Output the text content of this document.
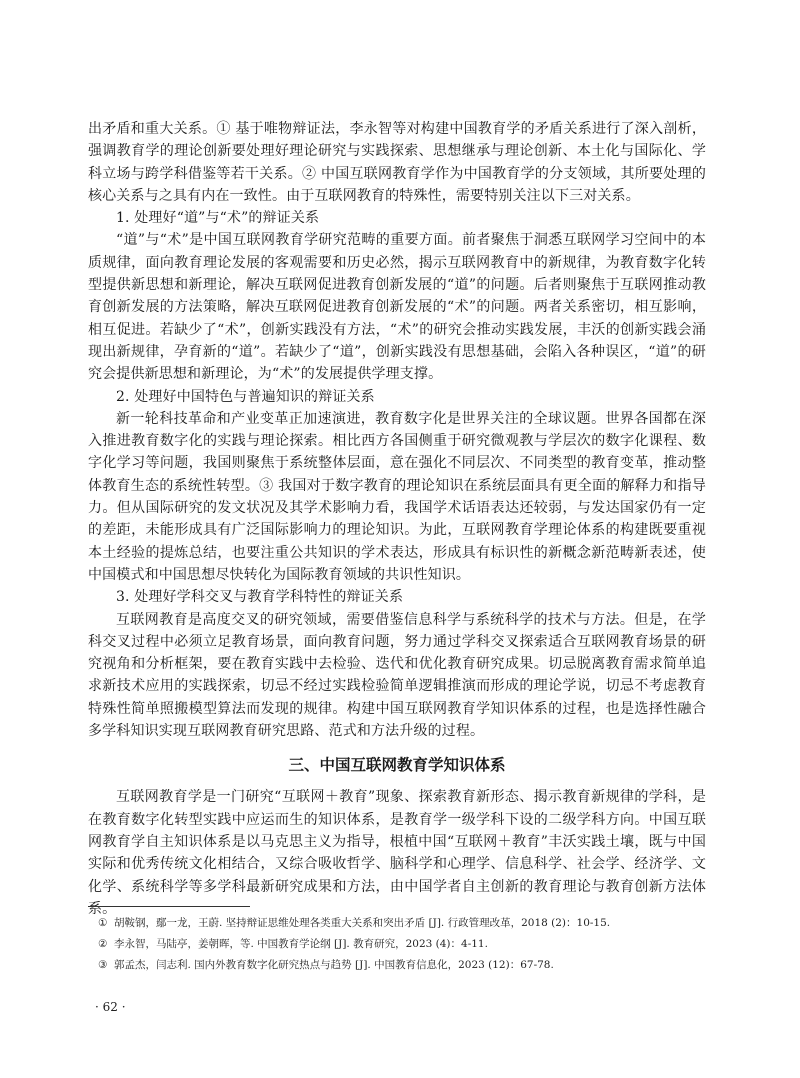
出矛盾和重大关系。① 基于唯物辩证法，李永智等对构建中国教育学的矛盾关系进行了深入剖析，强调教育学的理论创新要处理好理论研究与实践探索、思想继承与理论创新、本土化与国际化、学科立场与跨学科借鉴等若干关系。② 中国互联网教育学作为中国教育学的分支领域，其所要处理的核心关系与之具有内在一致性。由于互联网教育的特殊性，需要特别关注以下三对关系。

1. 处理好“道”与“术”的辩证关系

“道”与“术”是中国互联网教育学研究范畴的重要方面。前者聚焦于洞悉互联网学习空间中的本质规律，面向教育理论发展的客观需要和历史必然，揭示互联网教育中的新规律，为教育数字化转型提供新思想和新理论，解决互联网促进教育创新发展的“道”的问题。后者则聚焦于互联网推动教育创新发展的方法策略，解决互联网促进教育创新发展的“术”的问题。两者关系密切，相互影响，相互促进。若缺少了“术”，创新实践没有方法，“术”的研究会推动实践发展，丰沃的创新实践会涌现出新规律，孕育新的“道”。若缺少了“道”，创新实践没有思想基础，会陷入各种误区，“道”的研究会提供新思想和新理论，为“术”的发展提供学理支撑。

2. 处理好中国特色与普遍知识的辩证关系

新一轮科技革命和产业变革正加速演进，教育数字化是世界关注的全球议题。世界各国都在深入推进教育数字化的实践与理论探索。相比西方各国侧重于研究微观教与学层次的数字化课程、数字化学习等问题，我国则聚焦于系统整体层面，意在强化不同层次、不同类型的教育变革，推动整体教育生态的系统性转型。③ 我国对于数字教育的理论知识在系统层面具有更全面的解释力和指导力。但从国际研究的发文状况及其学术影响力看，我国学术话语表达还较弱，与发达国家仍有一定的差距，未能形成具有广泛国际影响力的理论知识。为此，互联网教育学理论体系的构建既要重视本土经验的提炼总结，也要注重公共知识的学术表达，形成具有标识性的新概念新范畴新表述，使中国模式和中国思想尽快转化为国际教育领域的共识性知识。

3. 处理好学科交叉与教育学科特性的辩证关系

互联网教育是高度交叉的研究领域，需要借鉴信息科学与系统科学的技术与方法。但是，在学科交叉过程中必须立足教育场景，面向教育问题，努力通过学科交叉探索适合互联网教育场景的研究视角和分析框架，要在教育实践中去检验、迭代和优化教育研究成果。切忌脱离教育需求简单追求新技术应用的实践探索，切忌不经过实践检验简单逻辑推演而形成的理论学说，切忌不考虑教育特殊性简单照搬模型算法而发现的规律。构建中国互联网教育学知识体系的过程，也是选择性融合多学科知识实现互联网教育研究思路、范式和方法升级的过程。

三、中国互联网教育学知识体系

互联网教育学是一门研究“互联网＋教育”现象、探索教育新形态、揭示教育新规律的学科，是在教育数字化转型实践中应运而生的知识体系，是教育学一级学科下设的二级学科方向。中国互联网教育学自主知识体系是以马克思主义为指导，根植中国“互联网＋教育”丰沃实践土壤，既与中国实际和优秀传统文化相结合，又综合吸收哲学、脑科学和心理学、信息科学、社会学、经济学、文化学、系统科学等多学科最新研究成果和方法，由中国学者自主创新的教育理论与教育创新方法体系。

① 胡鞍钢，鄢一龙，王蔚. 坚持辩证思维处理各类重大关系和突出矛盾 [J]. 行政管理改革，2018 (2)：10-15.
② 李永智，马陆亭，姜朝晖，等. 中国教育学论纲 [J]. 教育研究，2023 (4)：4-11.
③ 郭孟杰，闫志利. 国内外教育数字化研究热点与趋势 [J]. 中国教育信息化，2023 (12)：67-78.
· 62 ·
